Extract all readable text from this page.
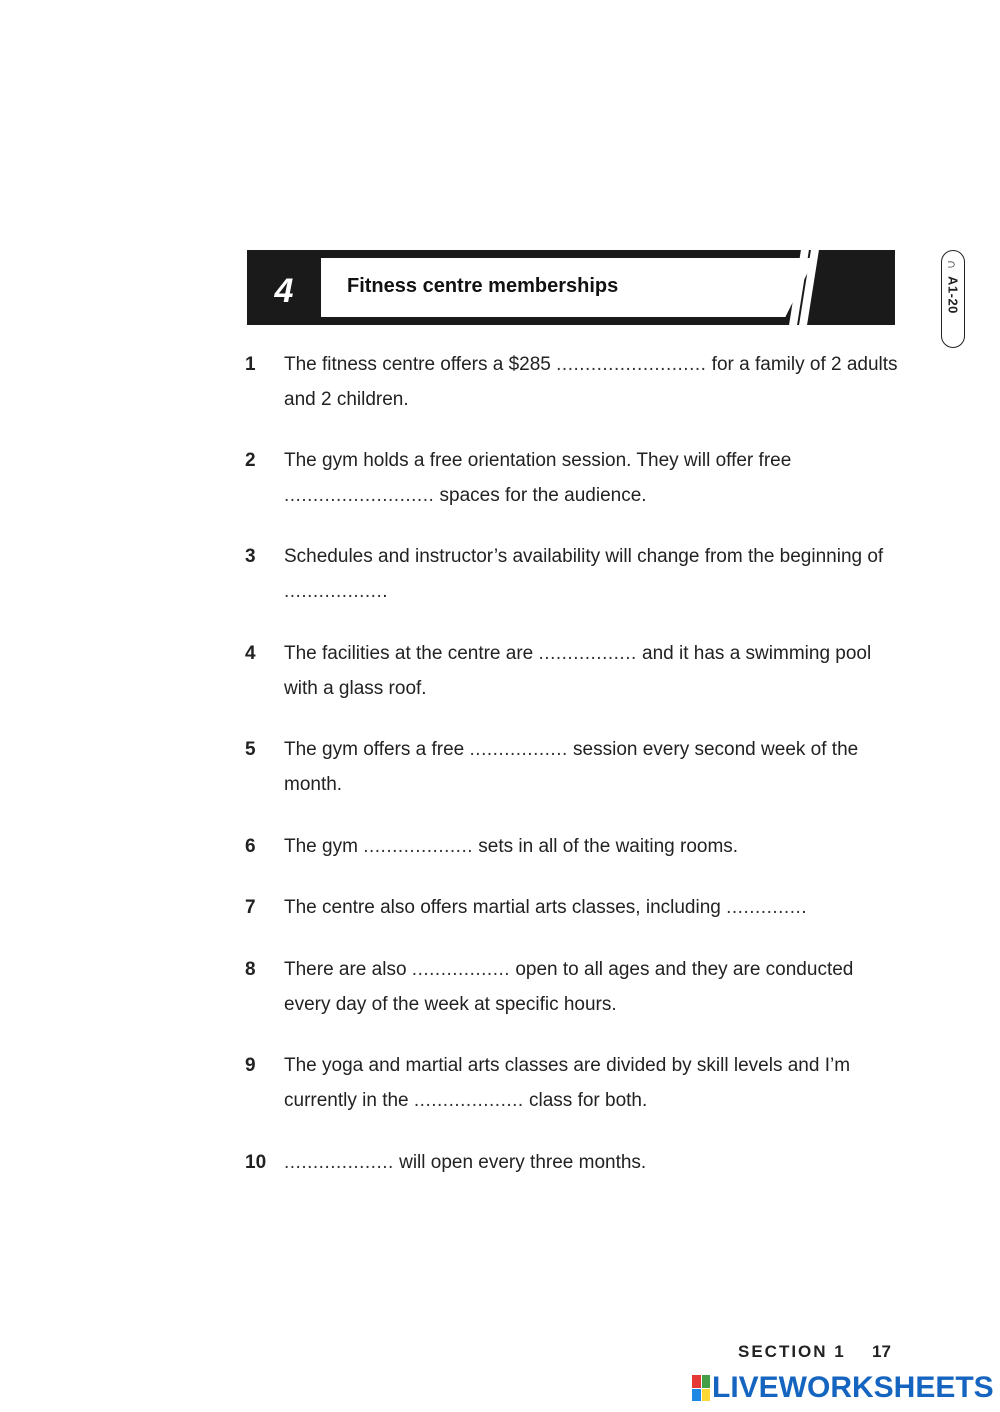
4	Fitness centre memberships
∩
A1-20
1 The fitness centre offers a $285 .......................... for a family of 2 adults and 2 children.
2 The gym holds a free orientation session. They will offer free .......................... spaces for the audience.
3 Schedules and instructor’s availability will change from the beginning of ..................
4 The facilities at the centre are ................. and it has a swimming pool with a glass roof.
5 The gym offers a free ................. session every second week of the month.
6 The gym ................... sets in all of the waiting rooms.
7 The centre also offers martial arts classes, including ..............
8 There are also ................. open to all ages and they are conducted every day of the week at specific hours.
9 The yoga and martial arts classes are divided by skill levels and I’m currently in the ................... class for both.
10 ................... will open every three months.
SECTION 1 17
LIVEWORKSHEETS
